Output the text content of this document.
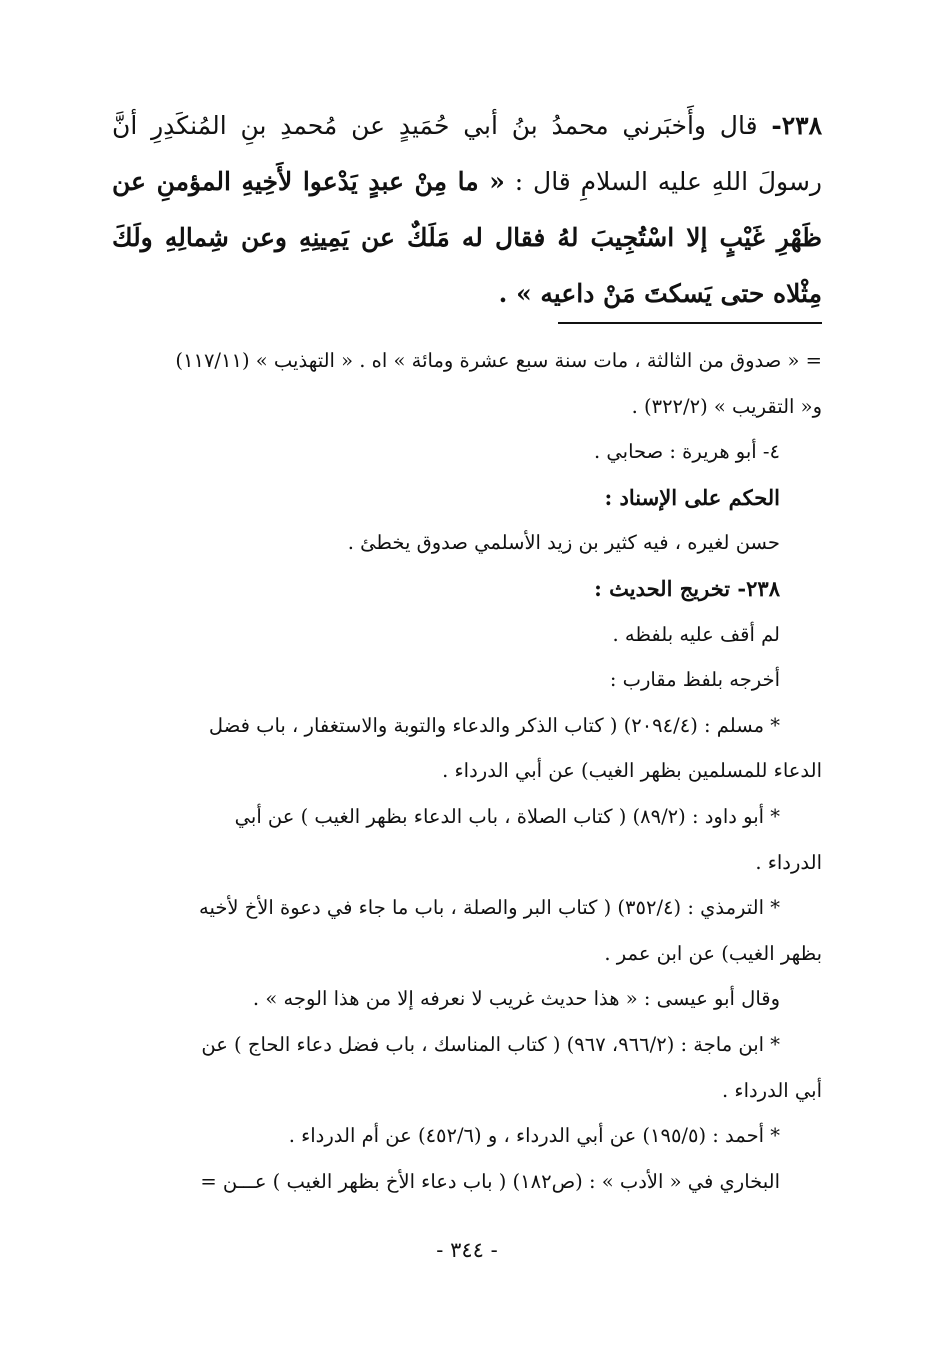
٢٣٨- قال وأَخبَرني محمدُ بنُ أبي حُمَيدٍ عن مُحمدِ بنِ المُنكَدِرِ أنَّ رسولَ اللهِ عليه السلامِ قال : « ما مِنْ عبدٍ يَدْعوا لأَخِيهِ المؤمنِ عن ظَهْرِ غَيْبٍ إلا اسْتُجِيبَ لهُ فقال له مَلَكٌ عن يَمِينِهِ وعن شِمالِهِ ولَكَ مِثْلاه حتى يَسكتَ مَنْ داعيه » .
= « صدوق من الثالثة ، مات سنة سبع عشرة ومائة » اه . « التهذيب » (١١٧/١١)
و« التقريب » (٣٢٢/٢) .
٤- أبو هريرة : صحابي .
الحكم على الإسناد :
حسن لغيره ، فيه كثير بن زيد الأسلمي صدوق يخطئ .
٢٣٨- تخريج الحديث :
لم أقف عليه بلفظه .
أخرجه بلفظ مقارب :
* مسلم : (٢٠٩٤/٤) ( كتاب الذكر والدعاء والتوبة والاستغفار ، باب فضل
الدعاء للمسلمين بظهر الغيب) عن أبي الدرداء .
* أبو داود : (٨٩/٢) ( كتاب الصلاة ، باب الدعاء بظهر الغيب ) عن أبي
الدرداء .
* الترمذي : (٣٥٢/٤) ( كتاب البر والصلة ، باب ما جاء في دعوة الأخ لأخيه
بظهر الغيب) عن ابن عمر .
وقال أبو عيسى : « هذا حديث غريب لا نعرفه إلا من هذا الوجه » .
* ابن ماجة : (٩٦٦/٢، ٩٦٧) ( كتاب المناسك ، باب فضل دعاء الحاج ) عن
أبي الدرداء .
* أحمد : (١٩٥/٥) عن أبي الدرداء ، و (٤٥٢/٦) عن أم الدرداء .
البخاري في « الأدب » : (ص١٨٢) ( باب دعاء الأخ بظهر الغيب ) عـــن =
- ٣٤٤ -
